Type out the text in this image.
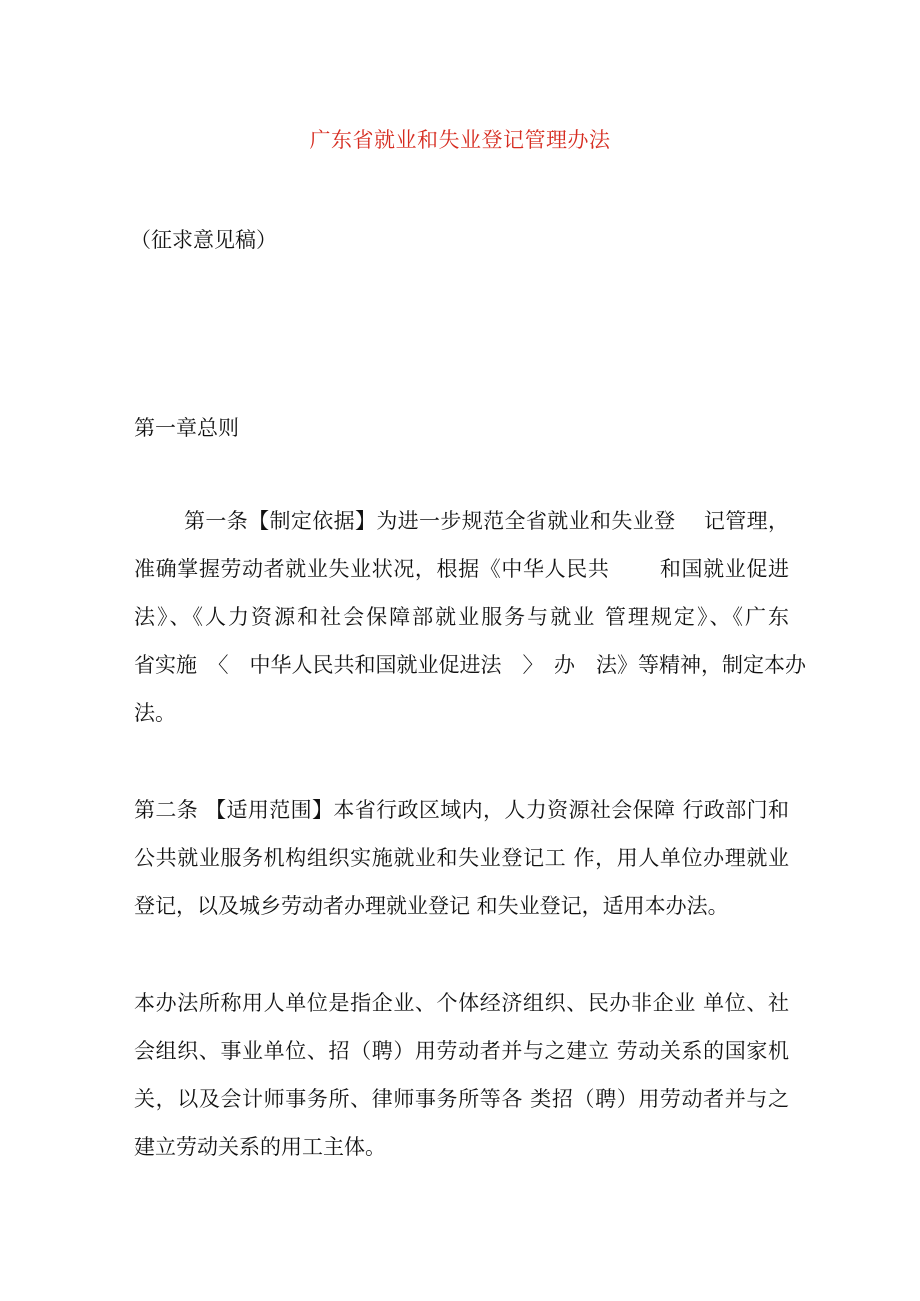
广东省就业和失业登记管理办法
（征求意见稿）
第一章总则

第一条【制定依据】为进一步规范全省就业和失业登　 记管理，
准确掌握劳动者就业失业状况，根据《中华人民共　　 和国就业促进
法》、《人力资源和社会保障部就业服务与就业 管理规定》、《广东
省实施　〈　中华人民共和国就业促进法　〉　办　法》等精神，制定本办
法。

第二条 【适用范围】本省行政区域内，人力资源社会保障 行政部门和
公共就业服务机构组织实施就业和失业登记工 作，用人单位办理就业
登记，以及城乡劳动者办理就业登记 和失业登记，适用本办法。

本办法所称用人单位是指企业、个体经济组织、民办非企业 单位、社
会组织、事业单位、招（聘）用劳动者并与之建立 劳动关系的国家机
关，以及会计师事务所、律师事务所等各 类招（聘）用劳动者并与之
建立劳动关系的用工主体。
